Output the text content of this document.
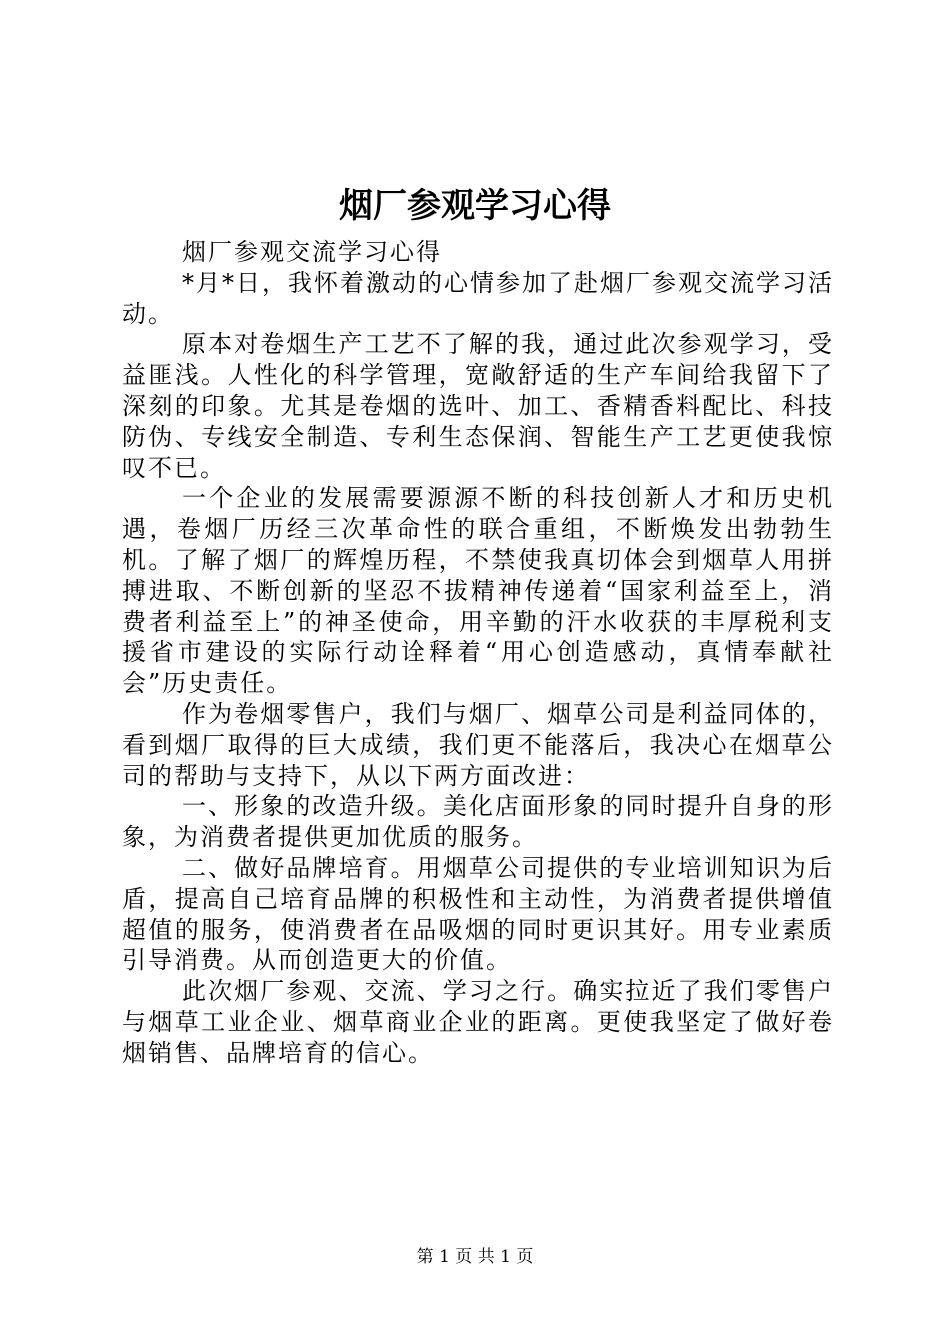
烟厂参观学习心得

烟厂参观交流学习心得

*月*日，我怀着激动的心情参加了赴烟厂参观交流学习活动。

原本对卷烟生产工艺不了解的我，通过此次参观学习，受益匪浅。人性化的科学管理，宽敞舒适的生产车间给我留下了深刻的印象。尤其是卷烟的选叶、加工、香精香料配比、科技防伪、专线安全制造、专利生态保润、智能生产工艺更使我惊叹不已。

一个企业的发展需要源源不断的科技创新人才和历史机遇，卷烟厂历经三次革命性的联合重组，不断焕发出勃勃生机。了解了烟厂的辉煌历程，不禁使我真切体会到烟草人用拼搏进取、不断创新的坚忍不拔精神传递着“国家利益至上，消费者利益至上”的神圣使命，用辛勤的汗水收获的丰厚税利支援省市建设的实际行动诠释着“用心创造感动，真情奉献社会”历史责任。

作为卷烟零售户，我们与烟厂、烟草公司是利益同体的，看到烟厂取得的巨大成绩，我们更不能落后，我决心在烟草公司的帮助与支持下，从以下两方面改进：

一、形象的改造升级。美化店面形象的同时提升自身的形象，为消费者提供更加优质的服务。

二、做好品牌培育。用烟草公司提供的专业培训知识为后盾，提高自己培育品牌的积极性和主动性，为消费者提供增值超值的服务，使消费者在品吸烟的同时更识其好。用专业素质引导消费。从而创造更大的价值。

此次烟厂参观、交流、学习之行。确实拉近了我们零售户与烟草工业企业、烟草商业企业的距离。更使我坚定了做好卷烟销售、品牌培育的信心。

第 1 页 共 1 页
